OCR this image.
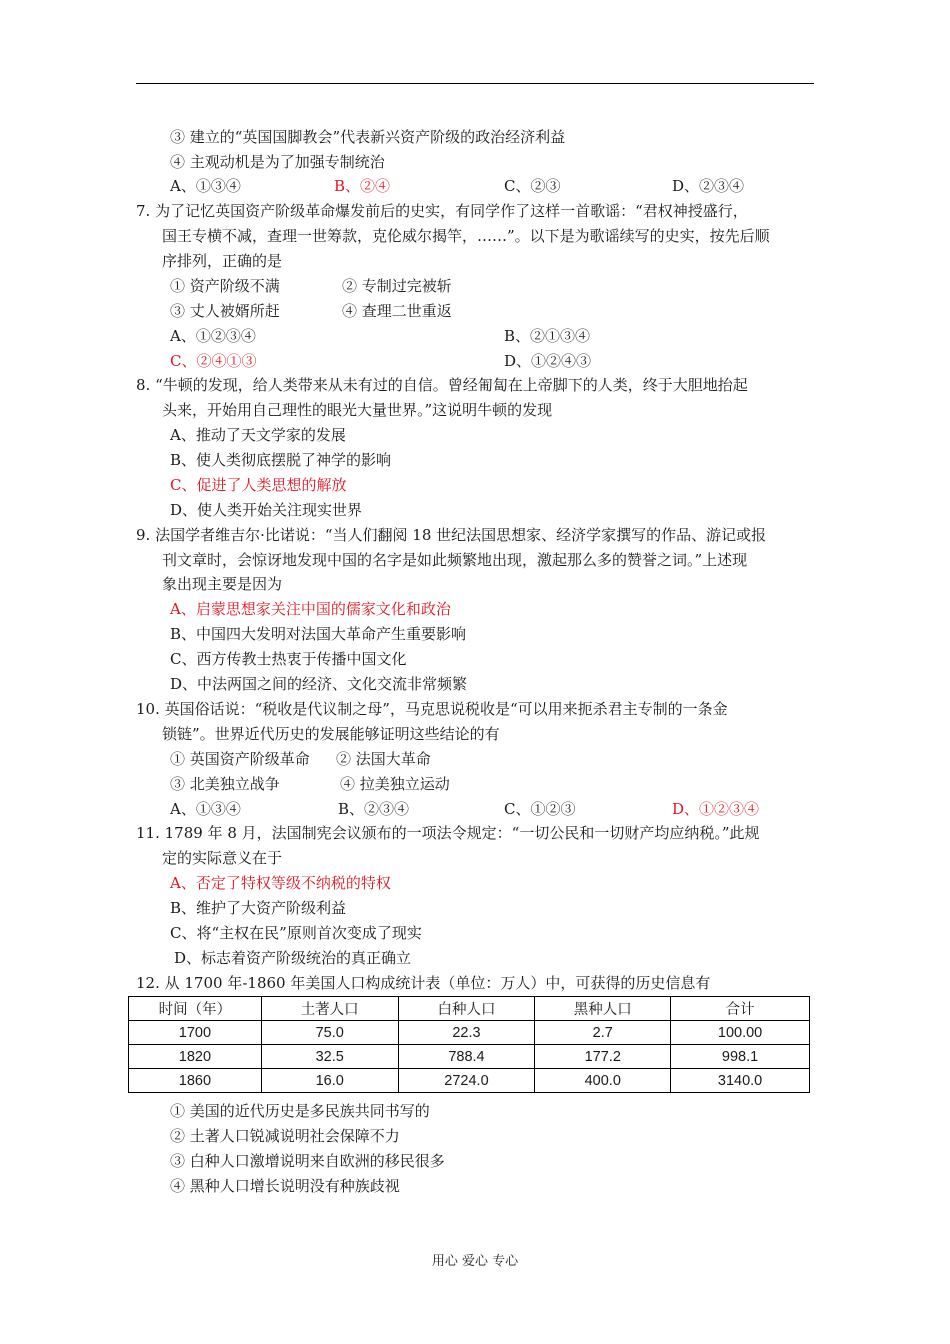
③ 建立的“英国国脚教会”代表新兴资产阶级的政治经济利益
④ 主观动机是为了加强专制统治
A、①③④	B、②④	C、②③	D、②③④
7. 为了记忆英国资产阶级革命爆发前后的史实，有同学作了这样一首歌谣：“君权神授盛行，
国王专横不减，查理一世筹款，克伦威尔揭竿，……”。以下是为歌谣续写的史实，按先后顺
序排列，正确的是
① 资产阶级不满	② 专制过完被斩
③ 丈人被婿所赶	④ 查理二世重返
A、①②③④	B、②①③④
C、②④①③	D、①②④③
8. “牛顿的发现，给人类带来从未有过的自信。曾经匍匐在上帝脚下的人类，终于大胆地抬起
头来，开始用自己理性的眼光大量世界。”这说明牛顿的发现
A、推动了天文学家的发展
B、使人类彻底摆脱了神学的影响
C、促进了人类思想的解放
D、使人类开始关注现实世界
9. 法国学者维吉尔·比诺说：“当人们翻阅 18 世纪法国思想家、经济学家撰写的作品、游记或报
刊文章时，会惊讶地发现中国的名字是如此频繁地出现，激起那么多的赞誉之词。”上述现
象出现主要是因为
A、启蒙思想家关注中国的儒家文化和政治
B、中国四大发明对法国大革命产生重要影响
C、西方传教士热衷于传播中国文化
D、中法两国之间的经济、文化交流非常频繁
10. 英国俗话说：“税收是代议制之母”，马克思说税收是“可以用来扼杀君主专制的一条金
锁链”。世界近代历史的发展能够证明这些结论的有
① 英国资产阶级革命 ② 法国大革命
③ 北美独立战争	④ 拉美独立运动
A、①③④	B、②③④	C、①②③	D、①②③④
11. 1789 年 8 月，法国制宪会议颁布的一项法令规定：“一切公民和一切财产均应纳税。”此规
定的实际意义在于
A、否定了特权等级不纳税的特权
B、维护了大资产阶级利益
C、将“主权在民”原则首次变成了现实
D、标志着资产阶级统治的真正确立
12. 从 1700 年-1860 年美国人口构成统计表（单位：万人）中，可获得的历史信息有
时间（年）	土著人口	白种人口	黑种人口	合计
1700	75.0	22.3	2.7	100.00
1820	32.5	788.4	177.2	998.1
1860	16.0	2724.0	400.0	3140.0
① 美国的近代历史是多民族共同书写的
② 土著人口锐减说明社会保障不力
③ 白种人口激增说明来自欧洲的移民很多
④ 黑种人口增长说明没有种族歧视
用心 爱心 专心
